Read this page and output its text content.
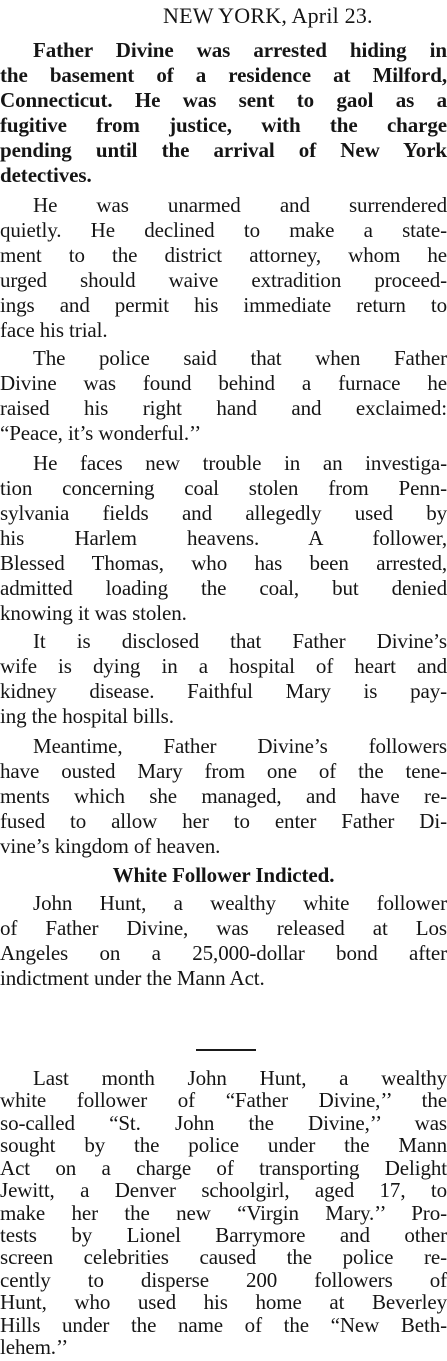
NEW YORK, April 23.
Father Divine was arrested hiding in
the basement of a residence at Milford,
Connecticut. He was sent to gaol as a
fugitive from justice, with the charge
pending until the arrival of New York
detectives.
He was unarmed and surrendered
quietly. He declined to make a state-
ment to the district attorney, whom he
urged should waive extradition proceed-
ings and permit his immediate return to
face his trial.
The police said that when Father
Divine was found behind a furnace he
raised his right hand and exclaimed:
“Peace, it’s wonderful.’’
He faces new trouble in an investiga-
tion concerning coal stolen from Penn-
sylvania fields and allegedly used by
his Harlem heavens. A follower,
Blessed Thomas, who has been arrested,
admitted loading the coal, but denied
knowing it was stolen.
It is disclosed that Father Divine’s
wife is dying in a hospital of heart and
kidney disease. Faithful Mary is pay-
ing the hospital bills.
Meantime, Father Divine’s followers
have ousted Mary from one of the tene-
ments which she managed, and have re-
fused to allow her to enter Father Di-
vine’s kingdom of heaven.
White Follower Indicted.
John Hunt, a wealthy white follower
of Father Divine, was released at Los
Angeles on a 25,000-dollar bond after
indictment under the Mann Act.
Last month John Hunt, a wealthy
white follower of “Father Divine,’’ the
so-called “St. John the Divine,’’ was
sought by the police under the Mann
Act on a charge of transporting Delight
Jewitt, a Denver schoolgirl, aged 17, to
make her the new “Virgin Mary.’’ Pro-
tests by Lionel Barrymore and other
screen celebrities caused the police re-
cently to disperse 200 followers of
Hunt, who used his home at Beverley
Hills under the name of the “New Beth-
lehem.’’
